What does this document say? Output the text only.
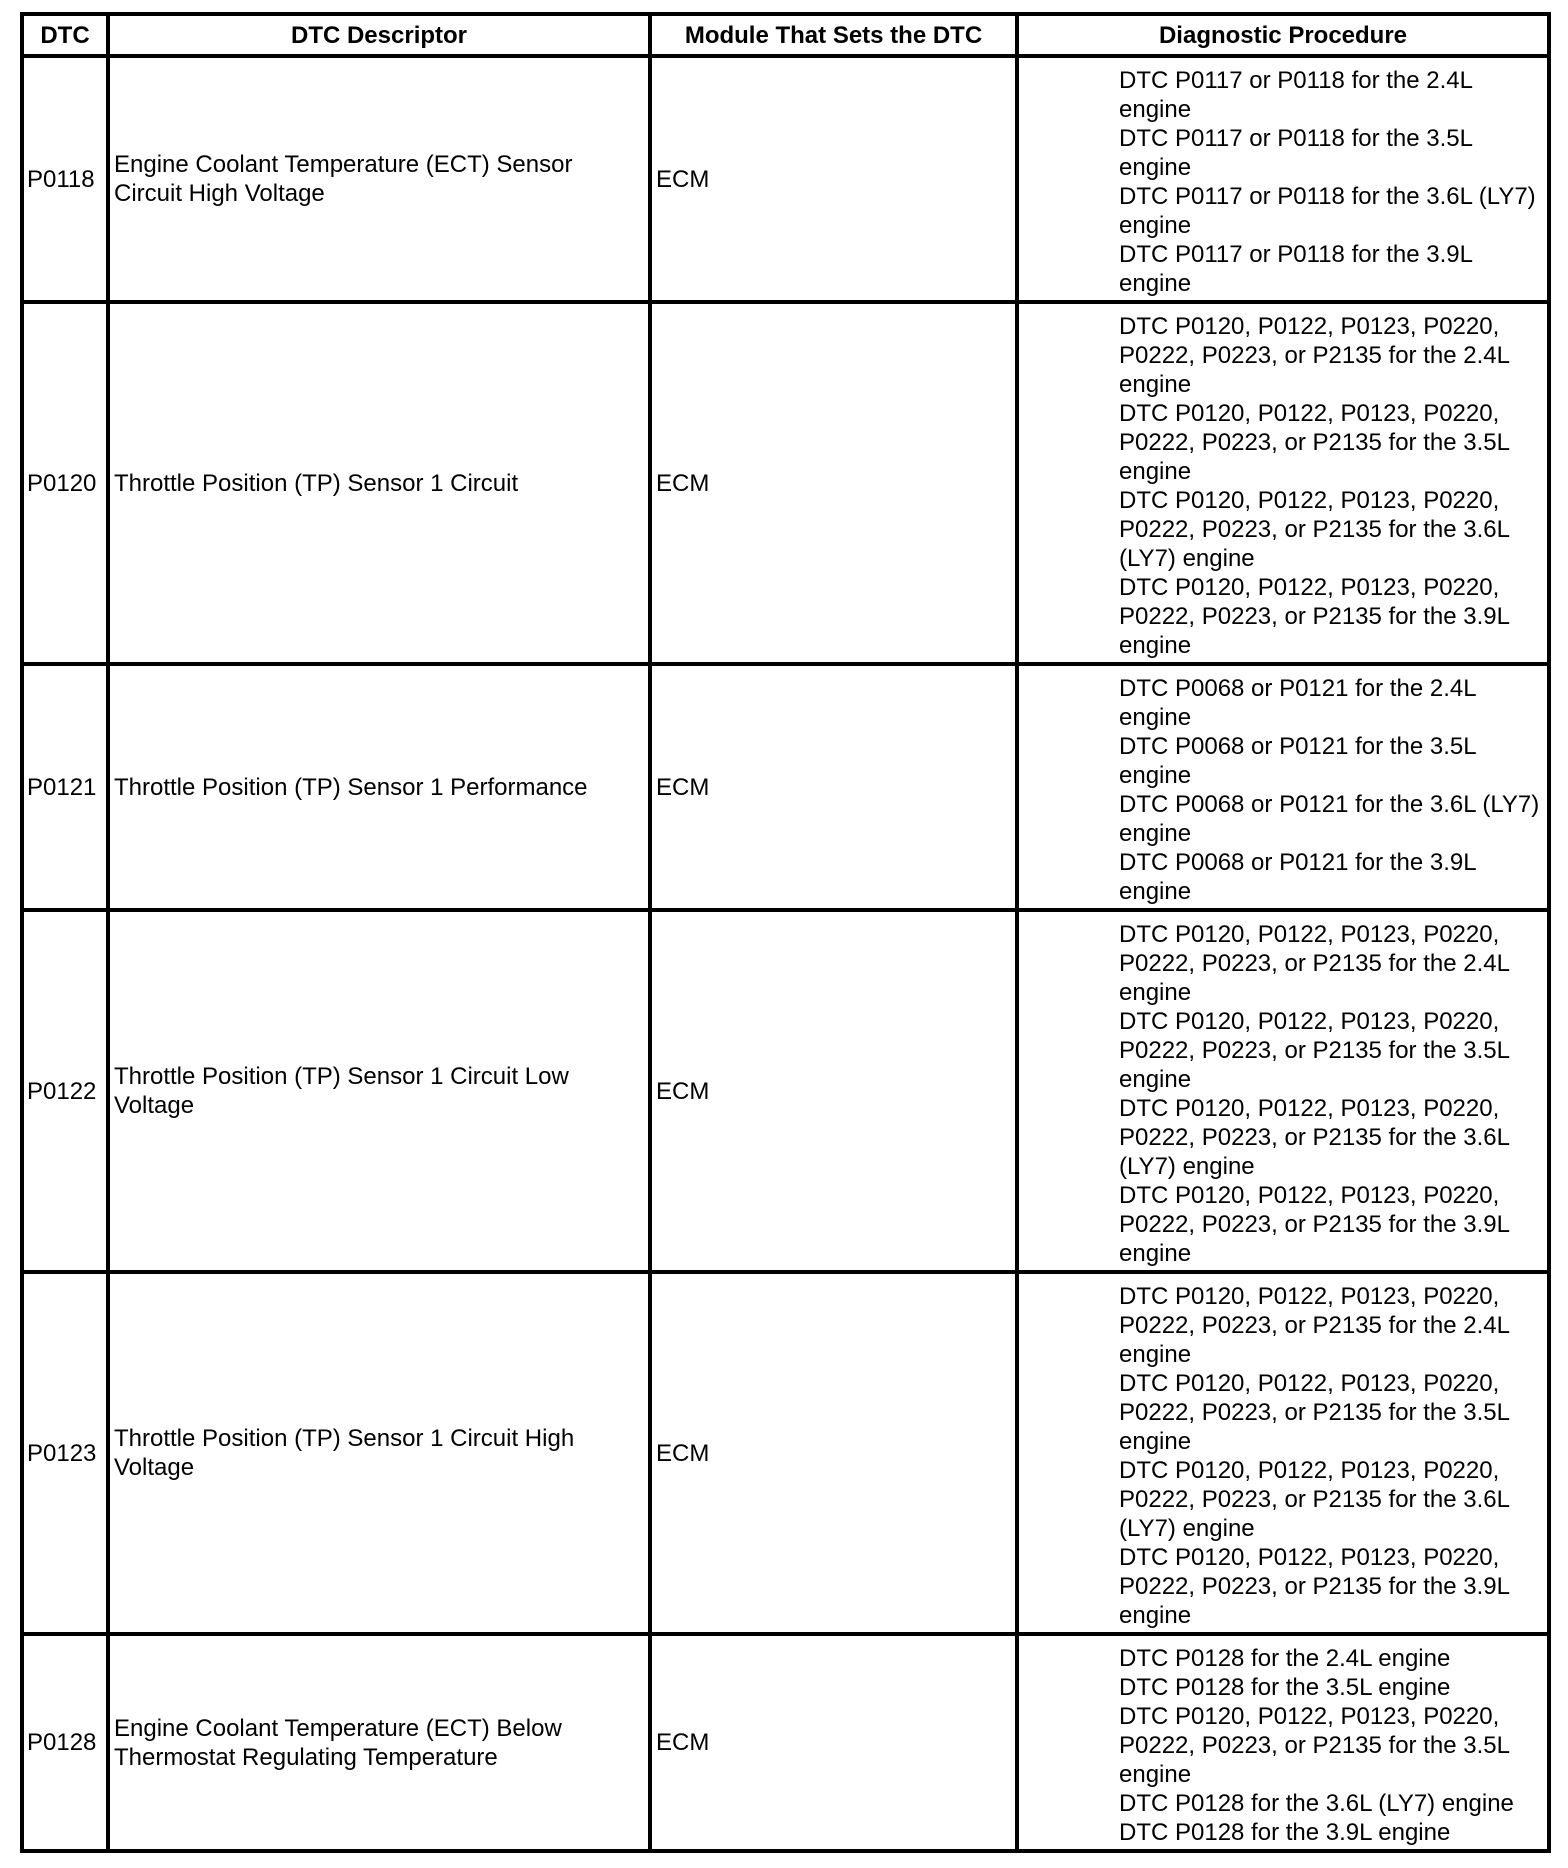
DTC	DTC Descriptor	Module That Sets the DTC	Diagnostic Procedure
P0118	Engine Coolant Temperature (ECT) Sensor Circuit High Voltage	ECM	DTC P0117 or P0118 for the 2.4L engine
DTC P0117 or P0118 for the 3.5L engine
DTC P0117 or P0118 for the 3.6L (LY7) engine
DTC P0117 or P0118 for the 3.9L engine

P0120	Throttle Position (TP) Sensor 1 Circuit	ECM	DTC P0120, P0122, P0123, P0220, P0222, P0223, or P2135 for the 2.4L engine
DTC P0120, P0122, P0123, P0220, P0222, P0223, or P2135 for the 3.5L engine
DTC P0120, P0122, P0123, P0220, P0222, P0223, or P2135 for the 3.6L (LY7) engine
DTC P0120, P0122, P0123, P0220, P0222, P0223, or P2135 for the 3.9L engine

P0121	Throttle Position (TP) Sensor 1 Performance	ECM	DTC P0068 or P0121 for the 2.4L engine
DTC P0068 or P0121 for the 3.5L engine
DTC P0068 or P0121 for the 3.6L (LY7) engine
DTC P0068 or P0121 for the 3.9L engine

P0122	Throttle Position (TP) Sensor 1 Circuit Low Voltage	ECM	DTC P0120, P0122, P0123, P0220, P0222, P0223, or P2135 for the 2.4L engine
DTC P0120, P0122, P0123, P0220, P0222, P0223, or P2135 for the 3.5L engine
DTC P0120, P0122, P0123, P0220, P0222, P0223, or P2135 for the 3.6L (LY7) engine
DTC P0120, P0122, P0123, P0220, P0222, P0223, or P2135 for the 3.9L engine

P0123	Throttle Position (TP) Sensor 1 Circuit High Voltage	ECM	DTC P0120, P0122, P0123, P0220, P0222, P0223, or P2135 for the 2.4L engine
DTC P0120, P0122, P0123, P0220, P0222, P0223, or P2135 for the 3.5L engine
DTC P0120, P0122, P0123, P0220, P0222, P0223, or P2135 for the 3.6L (LY7) engine
DTC P0120, P0122, P0123, P0220, P0222, P0223, or P2135 for the 3.9L engine

P0128	Engine Coolant Temperature (ECT) Below Thermostat Regulating Temperature	ECM	DTC P0128 for the 2.4L engine
DTC P0128 for the 3.5L engine
DTC P0120, P0122, P0123, P0220, P0222, P0223, or P2135 for the 3.5L engine
DTC P0128 for the 3.6L (LY7) engine
DTC P0128 for the 3.9L engine
